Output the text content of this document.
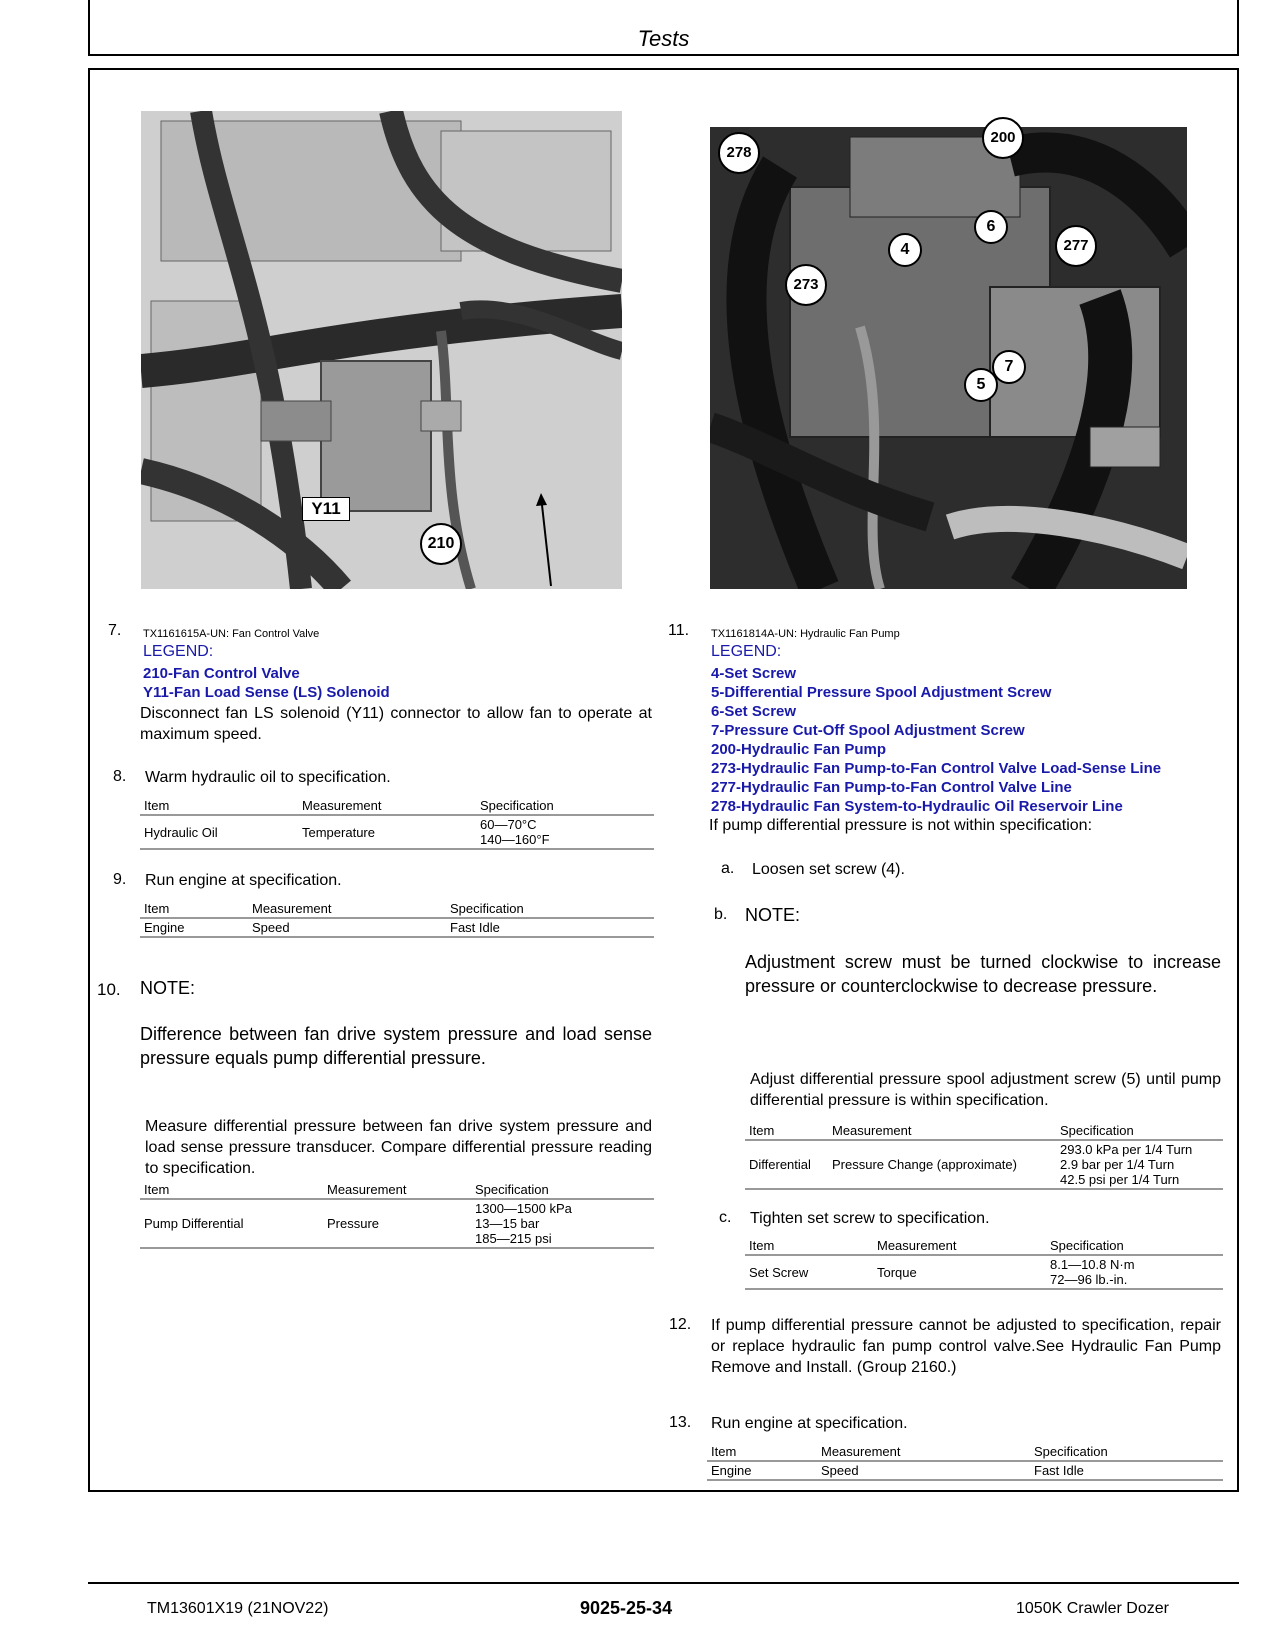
Tests
Y11
210
278
200
6
4	277
273
7
5
7. TX1161615A-UN: Fan Control Valve
LEGEND:
210-Fan Control Valve
Y11-Fan Load Sense (LS) Solenoid
Disconnect fan LS solenoid (Y11) connector to allow fan to operate at maximum speed.
8. Warm hydraulic oil to specification.
Item	Measurement	Specification
Hydraulic Oil	Temperature	60—70°C
140—160°F
9. Run engine at specification.
Item	Measurement	Specification
Engine	Speed	Fast Idle
10. NOTE:
Difference between fan drive system pressure and load sense pressure equals pump differential pressure.
Measure differential pressure between fan drive system pressure and load sense pressure transducer. Compare differential pressure reading to specification.
Item	Measurement	Specification
Pump Differential	Pressure	1300—1500 kPa
13—15 bar
185—215 psi
11. TX1161814A-UN: Hydraulic Fan Pump
LEGEND:
4-Set Screw
5-Differential Pressure Spool Adjustment Screw
6-Set Screw
7-Pressure Cut-Off Spool Adjustment Screw
200-Hydraulic Fan Pump
273-Hydraulic Fan Pump-to-Fan Control Valve Load-Sense Line
277-Hydraulic Fan Pump-to-Fan Control Valve Line
278-Hydraulic Fan System-to-Hydraulic Oil Reservoir Line
If pump differential pressure is not within specification:
a. Loosen set screw (4).
b. NOTE:
Adjustment screw must be turned clockwise to increase pressure or counterclockwise to decrease pressure.
Adjust differential pressure spool adjustment screw (5) until pump differential pressure is within specification.
Item	Measurement	Specification
Differential	Pressure Change (approximate)	293.0 kPa per 1/4 Turn
2.9 bar per 1/4 Turn
42.5 psi per 1/4 Turn
c. Tighten set screw to specification.
Item	Measurement	Specification
Set Screw	Torque	8.1—10.8 N·m
72—96 lb.-in.
12. If pump differential pressure cannot be adjusted to specification, repair or replace hydraulic fan pump control valve.See Hydraulic Fan Pump Remove and Install. (Group 2160.)
13. Run engine at specification.
Item	Measurement	Specification
Engine	Speed	Fast Idle
TM13601X19 (21NOV22)	9025-25-34	1050K Crawler Dozer
